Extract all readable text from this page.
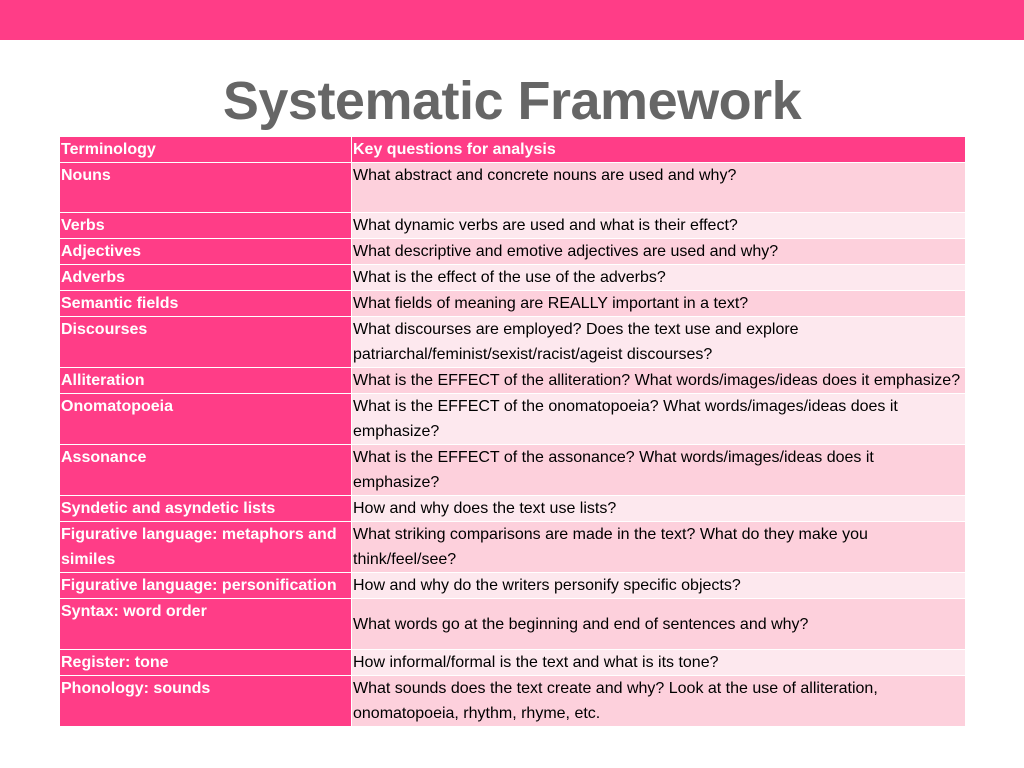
Systematic Framework
Terminology	Key questions for analysis
Nouns	What abstract and concrete nouns are used and why?
Verbs	What dynamic verbs are used and what is their effect?
Adjectives	What descriptive and emotive adjectives are used and why?
Adverbs	What is the effect of the use of the adverbs?
Semantic fields	What fields of meaning are REALLY important in a text?
Discourses	What discourses are employed? Does the text use and explore patriarchal/feminist/sexist/racist/ageist discourses?
Alliteration	What is the EFFECT of the alliteration? What words/images/ideas does it emphasize?
Onomatopoeia	What is the EFFECT of the onomatopoeia? What words/images/ideas does it emphasize?
Assonance	What is the EFFECT of the assonance? What words/images/ideas does it emphasize?
Syndetic and asyndetic lists	How and why does the text use lists?
Figurative language: metaphors and similes	What striking comparisons are made in the text? What do they make you think/feel/see?
Figurative language: personification	How and why do the writers personify specific objects?
Syntax: word order	What words go at the beginning and end of sentences and why?
Register: tone	How informal/formal is the text and what is its tone?
Phonology: sounds	What sounds does the text create and why? Look at the use of alliteration, onomatopoeia, rhythm, rhyme, etc.
